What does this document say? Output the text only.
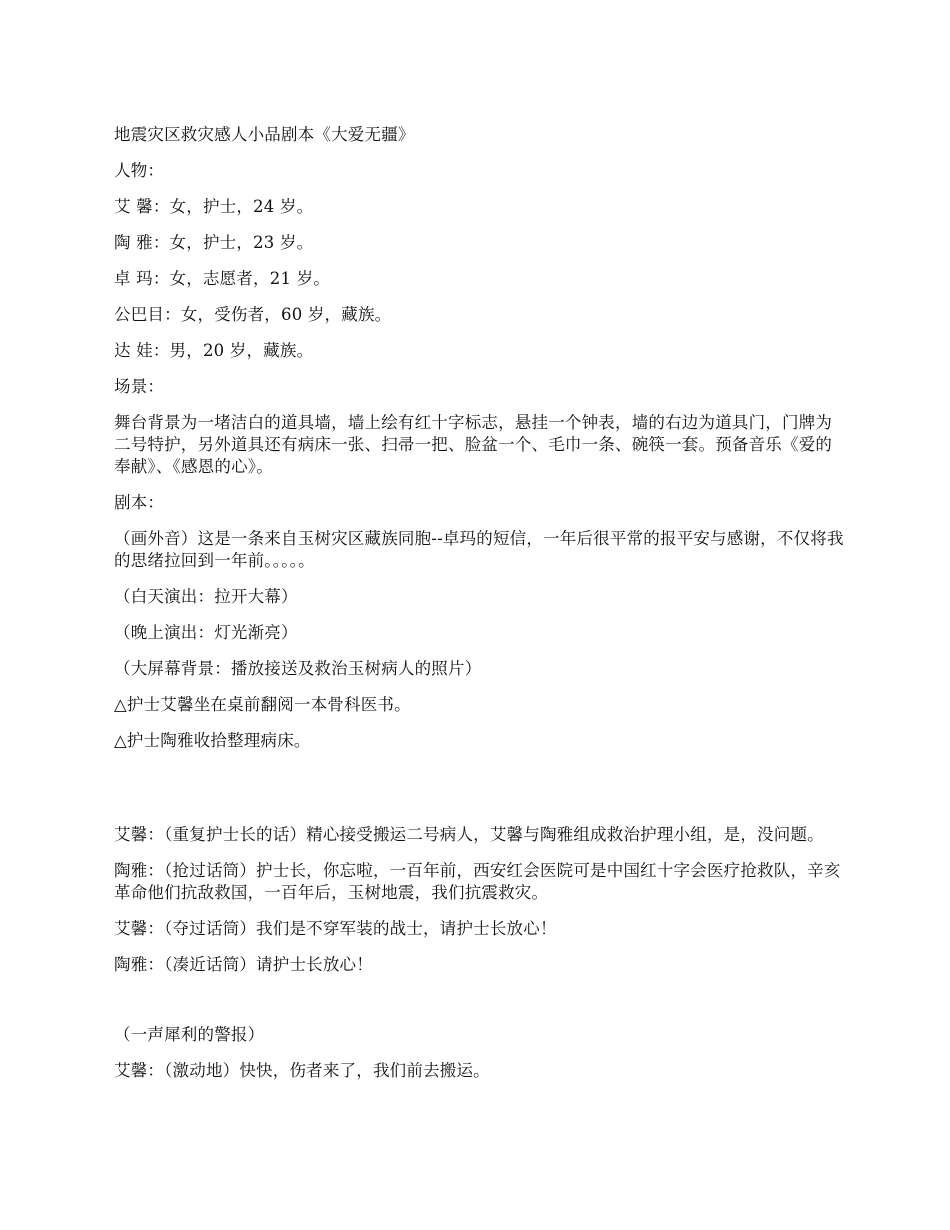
地震灾区救灾感人小品剧本《大爱无疆》

人物：

艾 馨：女，护士，24 岁。

陶 雅：女，护士，23 岁。

卓 玛：女，志愿者，21 岁。

公巴目：女，受伤者，60 岁，藏族。

达 娃：男，20 岁，藏族。

场景：

舞台背景为一堵洁白的道具墙，墙上绘有红十字标志，悬挂一个钟表，墙的右边为道具门，门牌为二号特护，另外道具还有病床一张、扫帚一把、脸盆一个、毛巾一条、碗筷一套。预备音乐《爱的奉献》、《感恩的心》。

剧本：

（画外音）这是一条来自玉树灾区藏族同胞--卓玛的短信，一年后很平常的报平安与感谢，不仅将我的思绪拉回到一年前。。。。。

（白天演出：拉开大幕）

（晚上演出：灯光渐亮）

（大屏幕背景：播放接送及救治玉树病人的照片）

△护士艾馨坐在桌前翻阅一本骨科医书。

△护士陶雅收拾整理病床。

艾馨：（重复护士长的话）精心接受搬运二号病人，艾馨与陶雅组成救治护理小组，是，没问题。

陶雅：（抢过话筒）护士长，你忘啦，一百年前，西安红会医院可是中国红十字会医疗抢救队，辛亥革命他们抗敌救国，一百年后，玉树地震，我们抗震救灾。

艾馨：（夺过话筒）我们是不穿军装的战士，请护士长放心！

陶雅：（凑近话筒）请护士长放心！

（一声犀利的警报）

艾馨：（激动地）快快，伤者来了，我们前去搬运。
